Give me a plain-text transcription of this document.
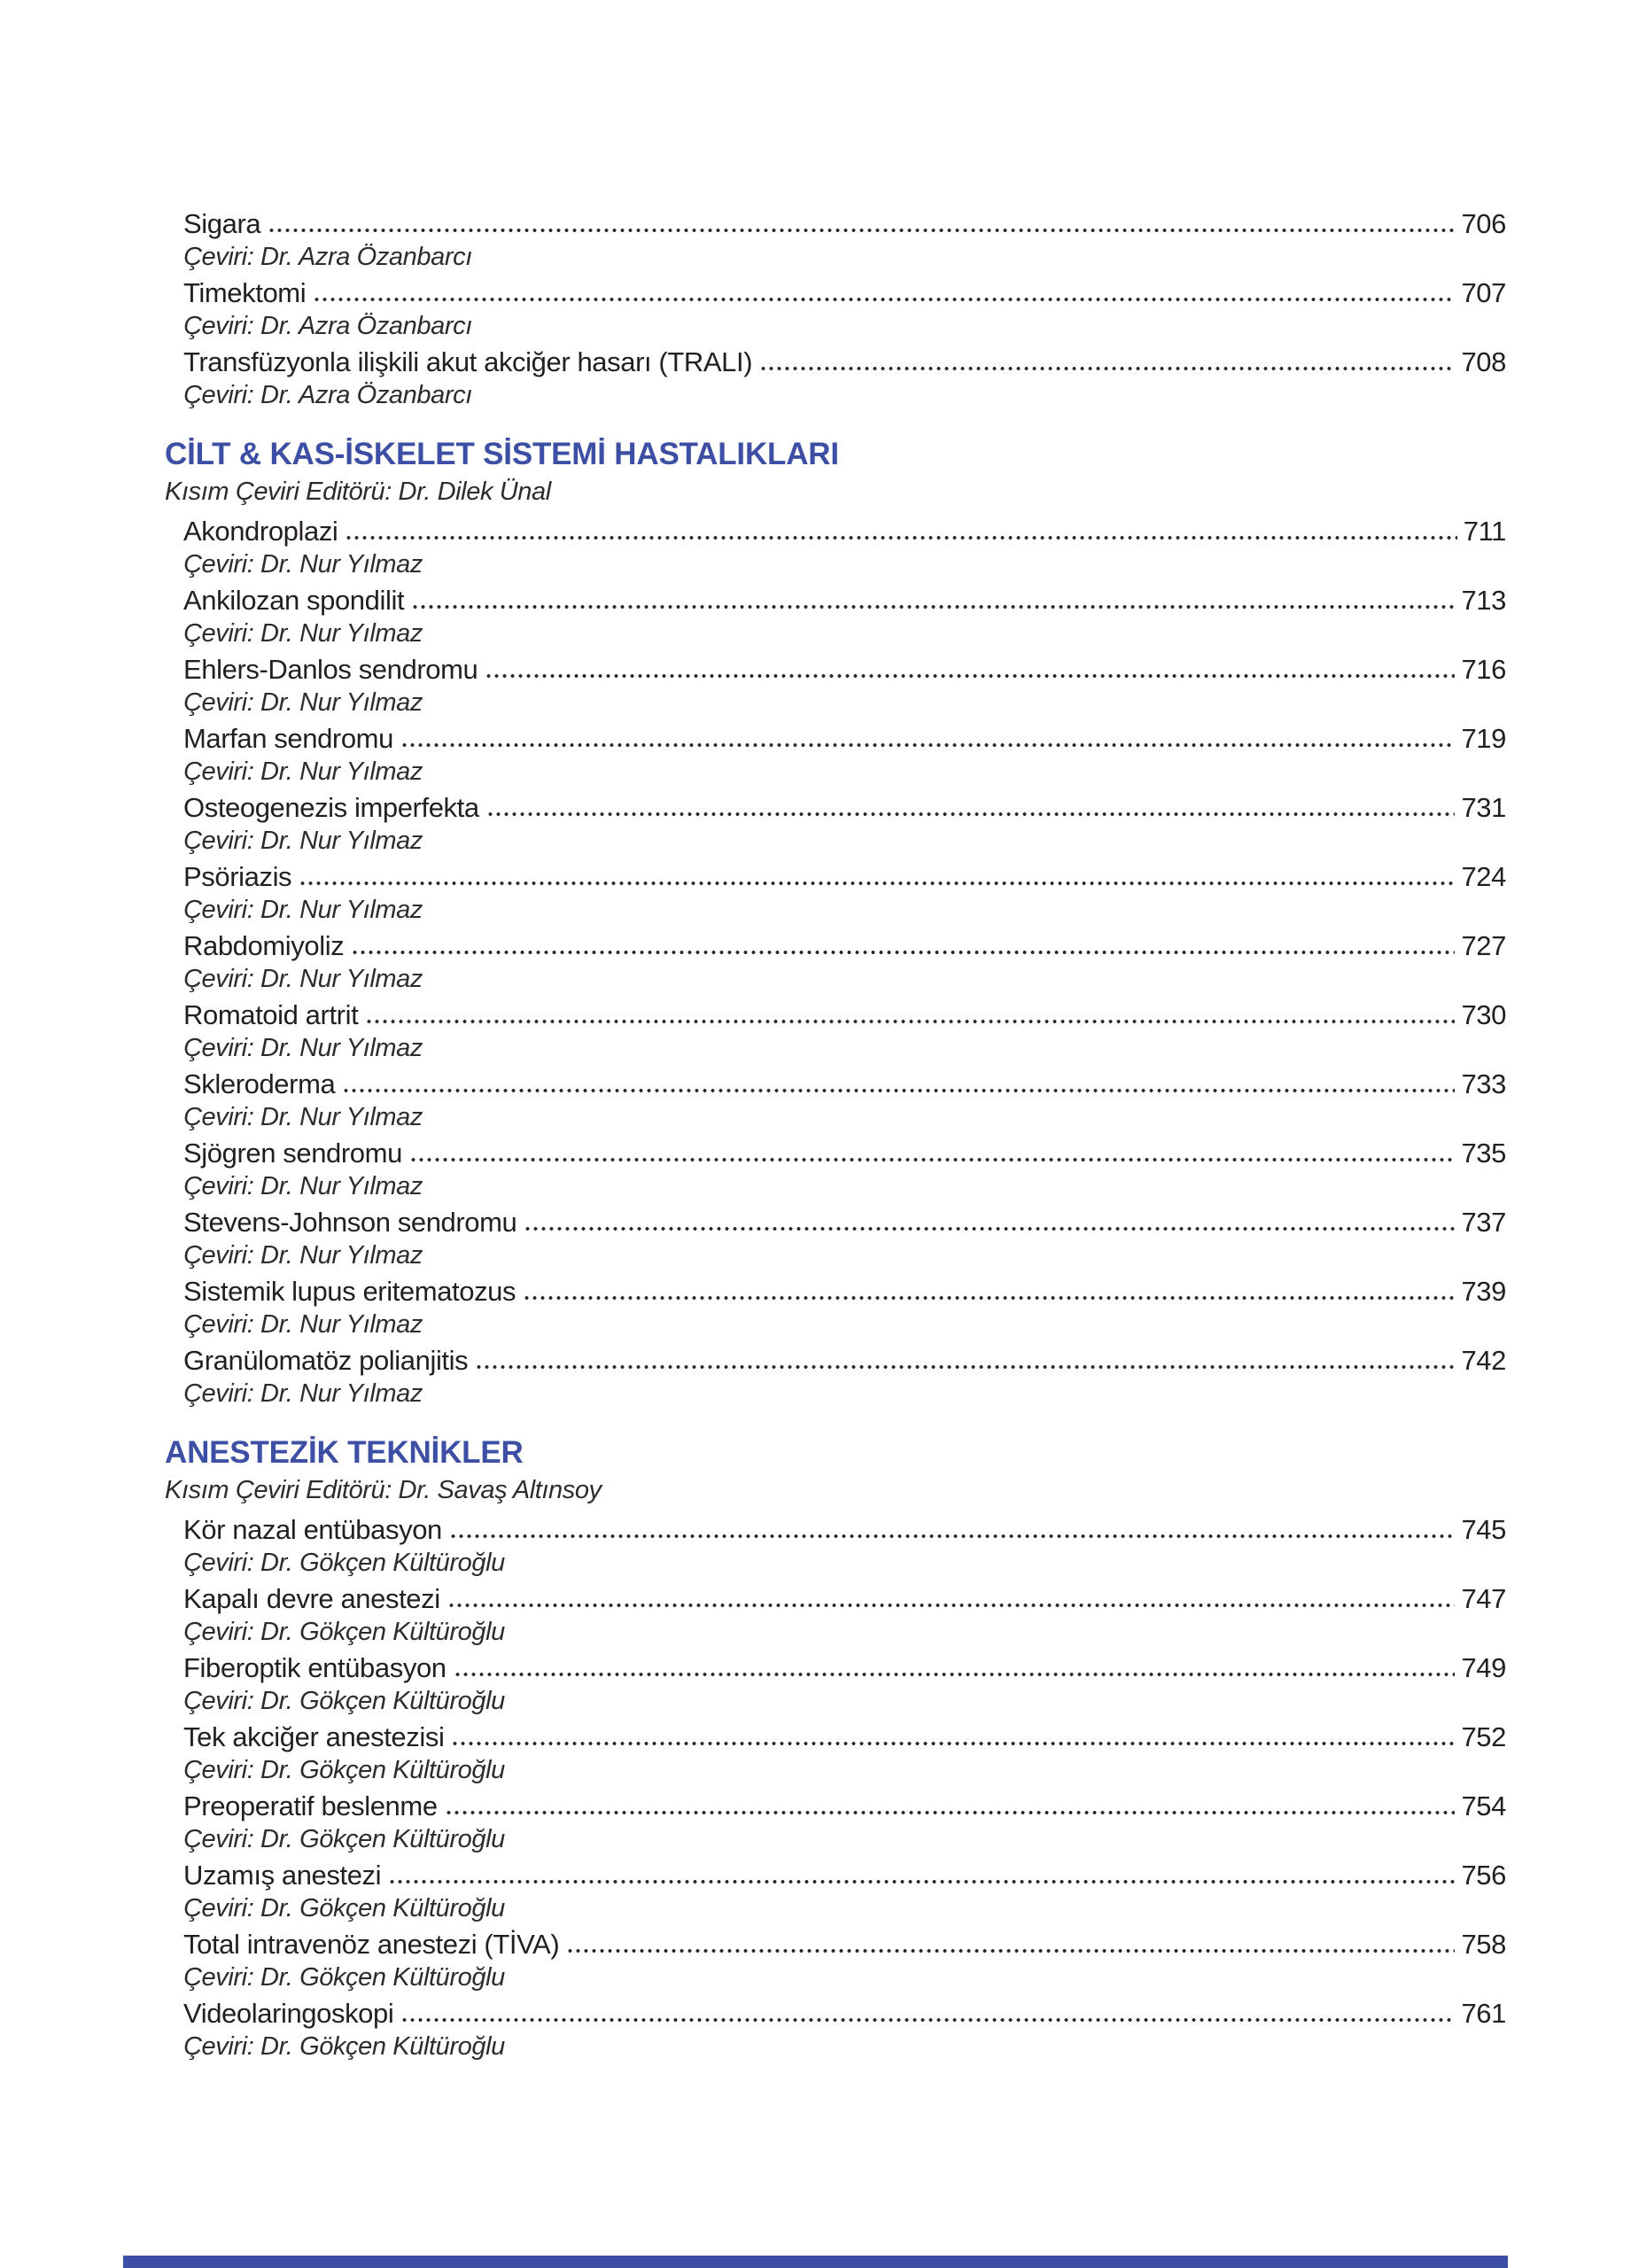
Sigara	706
Çeviri: Dr. Azra Özanbarcı
Timektomi	707
Çeviri: Dr. Azra Özanbarcı
Transfüzyonla ilişkili akut akciğer hasarı (TRALI)	708
Çeviri: Dr. Azra Özanbarcı
CİLT & KAS-İSKELET SİSTEMİ HASTALIKLARI
Kısım Çeviri Editörü: Dr. Dilek Ünal
Akondroplazi	711
Çeviri: Dr. Nur Yılmaz
Ankilozan spondilit	713
Çeviri: Dr. Nur Yılmaz
Ehlers-Danlos sendromu	716
Çeviri: Dr. Nur Yılmaz
Marfan sendromu	719
Çeviri: Dr. Nur Yılmaz
Osteogenezis imperfekta	731
Çeviri: Dr. Nur Yılmaz
Psöriazis	724
Çeviri: Dr. Nur Yılmaz
Rabdomiyoliz	727
Çeviri: Dr. Nur Yılmaz
Romatoid artrit	730
Çeviri: Dr. Nur Yılmaz
Skleroderma	733
Çeviri: Dr. Nur Yılmaz
Sjögren sendromu	735
Çeviri: Dr. Nur Yılmaz
Stevens-Johnson sendromu	737
Çeviri: Dr. Nur Yılmaz
Sistemik lupus eritematozus	739
Çeviri: Dr. Nur Yılmaz
Granülomatöz polianjitis	742
Çeviri: Dr. Nur Yılmaz
ANESTEZİK TEKNİKLER
Kısım Çeviri Editörü: Dr. Savaş Altınsoy
Kör nazal entübasyon	745
Çeviri: Dr. Gökçen Kültüroğlu
Kapalı devre anestezi	747
Çeviri: Dr. Gökçen Kültüroğlu
Fiberoptik entübasyon	749
Çeviri: Dr. Gökçen Kültüroğlu
Tek akciğer anestezisi	752
Çeviri: Dr. Gökçen Kültüroğlu
Preoperatif beslenme	754
Çeviri: Dr. Gökçen Kültüroğlu
Uzamış anestezi	756
Çeviri: Dr. Gökçen Kültüroğlu
Total intravenöz anestezi (TİVA)	758
Çeviri: Dr. Gökçen Kültüroğlu
Videolaringoskopi	761
Çeviri: Dr. Gökçen Kültüroğlu
